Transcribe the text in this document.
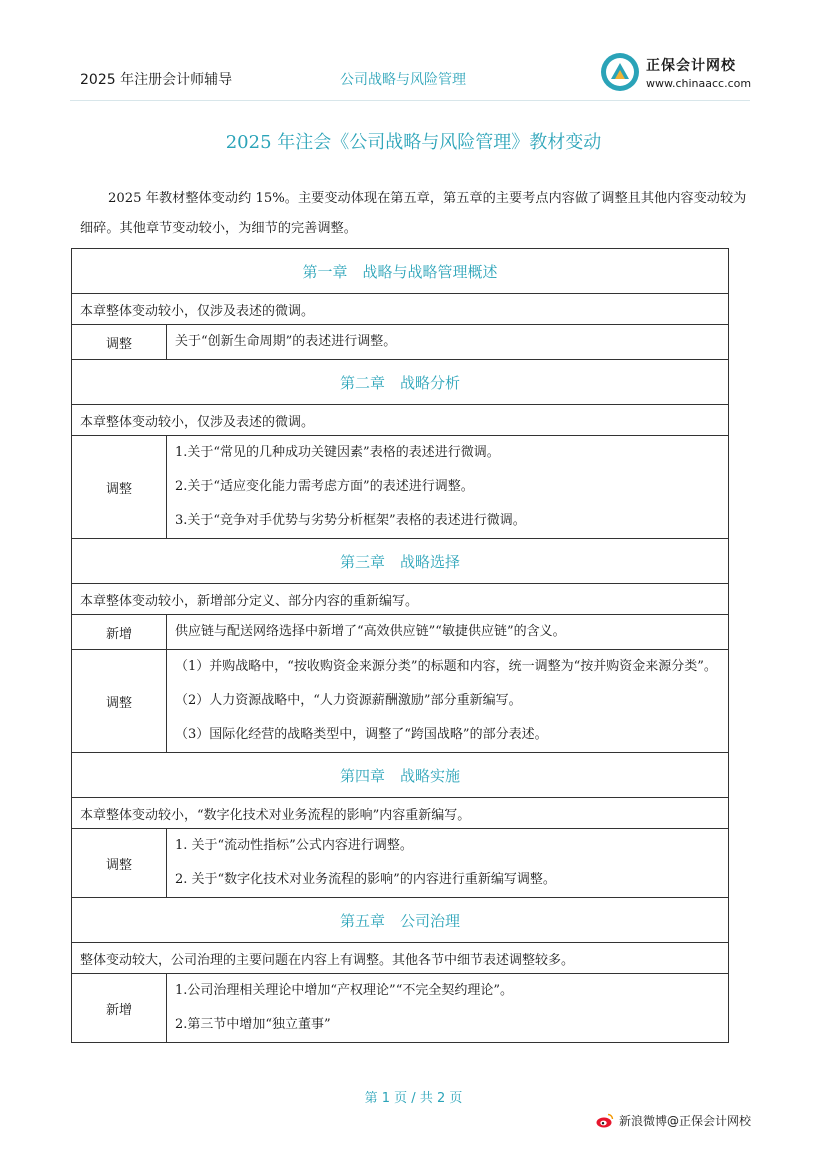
2025 年注册会计师辅导	公司战略与风险管理
正保会计网校
www.chinaacc.com
2025 年注会《公司战略与风险管理》教材变动
2025 年教材整体变动约 15%。主要变动体现在第五章，第五章的主要考点内容做了调整且其他内容变动较为细碎。其他章节变动较小，为细节的完善调整。
第一章　战略与战略管理概述	
本章整体变动较小，仅涉及表述的微调。	
调整	关于“创新生命周期”的表述进行调整。

第二章　战略分析	
本章整体变动较小，仅涉及表述的微调。	
调整	1.关于“常见的几种成功关键因素”表格的表述进行微调。
2.关于“适应变化能力需考虑方面”的表述进行调整。
3.关于“竞争对手优势与劣势分析框架”表格的表述进行微调。

第三章　战略选择	
本章整体变动较小，新增部分定义、部分内容的重新编写。	
新增	供应链与配送网络选择中新增了“高效供应链”“敏捷供应链”的含义。

调整	（1）并购战略中，“按收购资金来源分类”的标题和内容，统一调整为“按并购资金来源分类”。
（2）人力资源战略中，“人力资源薪酬激励”部分重新编写。
（3）国际化经营的战略类型中，调整了“跨国战略”的部分表述。

第四章　战略实施	
本章整体变动较小，“数字化技术对业务流程的影响”内容重新编写。	
调整	1. 关于“流动性指标”公式内容进行调整。
2. 关于“数字化技术对业务流程的影响”的内容进行重新编写调整。

第五章　公司治理	
整体变动较大，公司治理的主要问题在内容上有调整。其他各节中细节表述调整较多。	
新增	1.公司治理相关理论中增加“产权理论”“不完全契约理论”。
2.第三节中增加“独立董事”
第 1 页 / 共 2 页
新浪微博@正保会计网校
